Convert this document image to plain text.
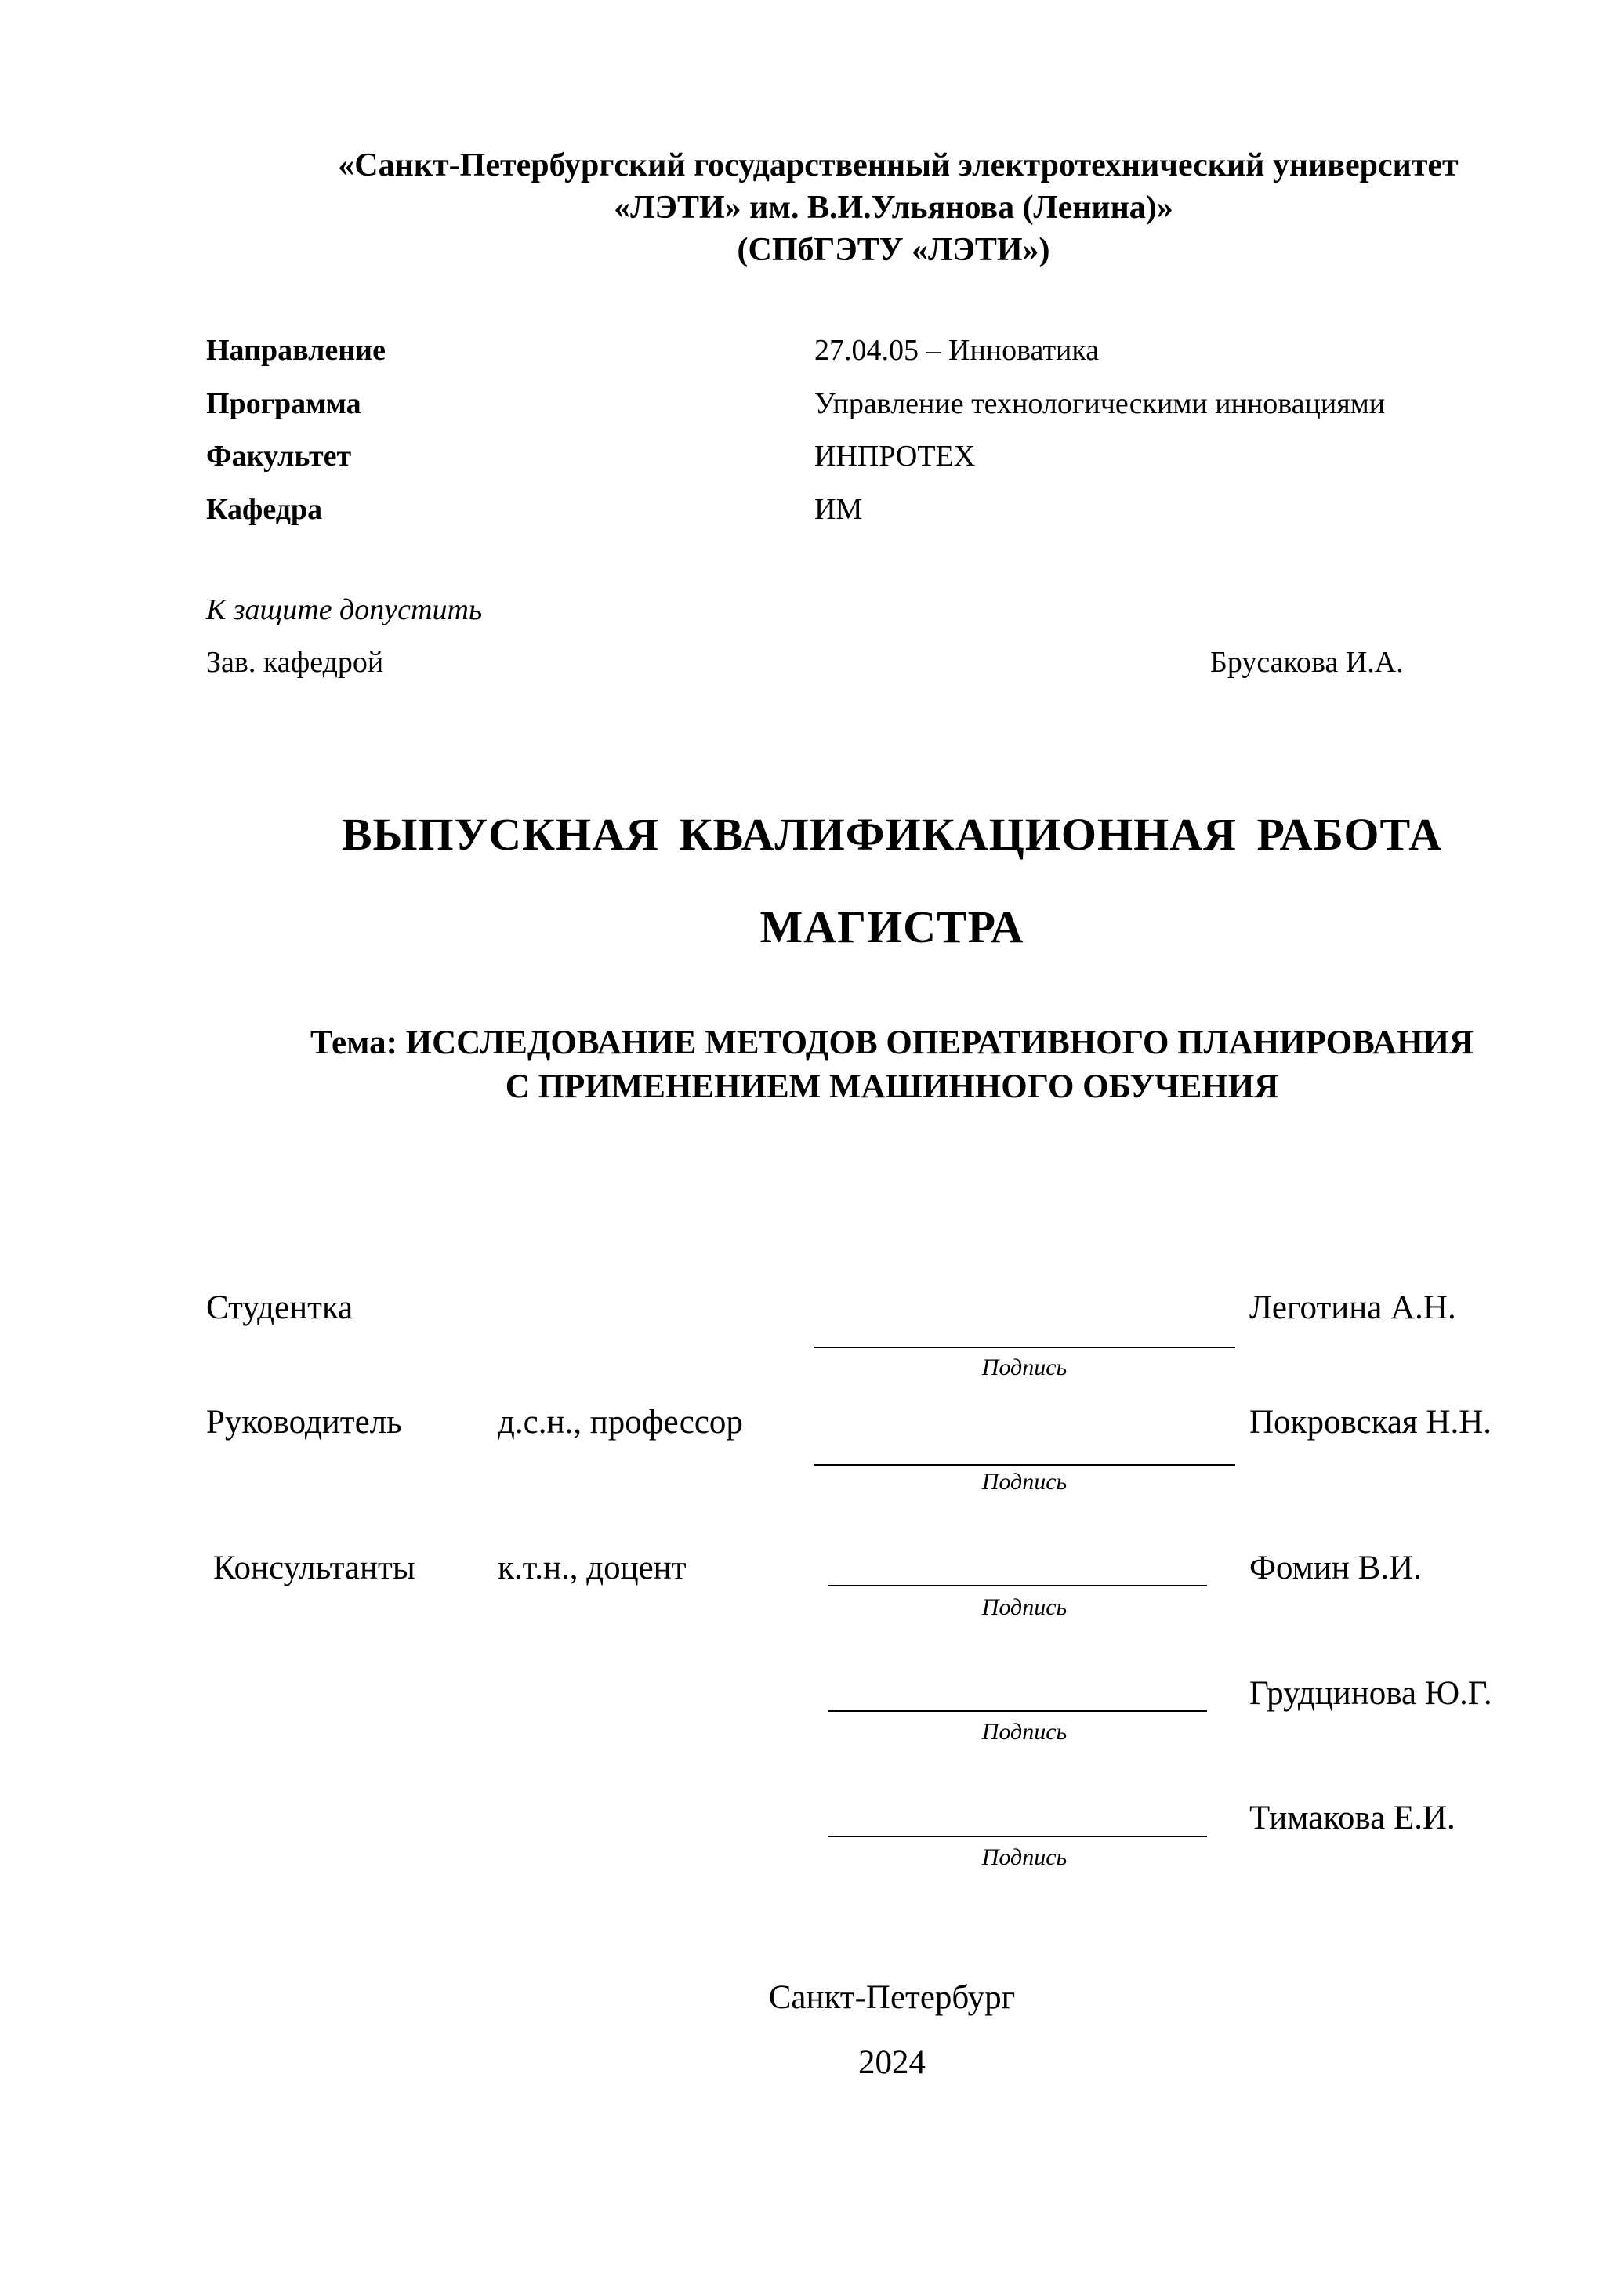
«Санкт-Петербургский государственный электротехнический университет
«ЛЭТИ» им. В.И.Ульянова (Ленина)»
(СПбГЭТУ «ЛЭТИ»)
Направление	27.04.05 – Инноватика
Программа	Управление технологическими инновациями
Факультет	ИНПРОТЕХ
Кафедра	ИМ
К защите допустить
Зав. кафедрой	Брусакова И.А.
ВЫПУСКНАЯ КВАЛИФИКАЦИОННАЯ РАБОТА
МАГИСТРА
Тема: ИССЛЕДОВАНИЕ МЕТОДОВ ОПЕРАТИВНОГО ПЛАНИРОВАНИЯ
С ПРИМЕНЕНИЕМ МАШИННОГО ОБУЧЕНИЯ
Студентка	Леготина А.Н.
Подпись
Руководитель	д.с.н., профессор	Покровская Н.Н.
Подпись
Консультанты к.т.н., доцент	Фомин В.И.
Подпись
Грудцинова Ю.Г.
Подпись
Тимакова Е.И.
Подпись
Санкт-Петербург
2024
